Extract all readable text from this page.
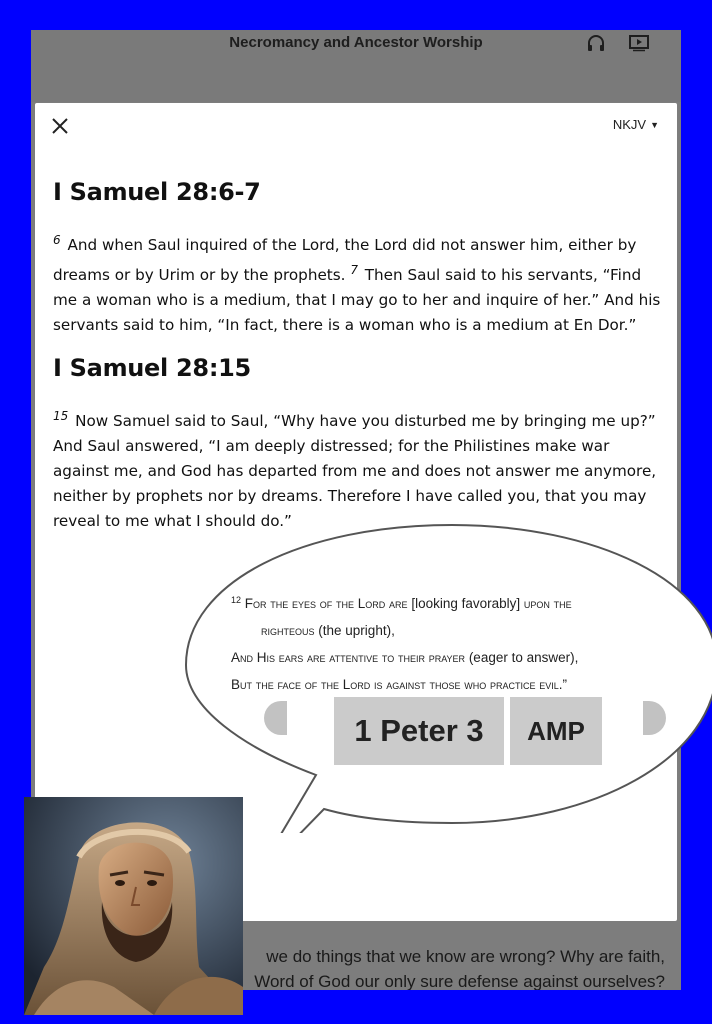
Necromancy and Ancestor Worship
we do things that we know are wrong? Why are faith,
Word of God our only sure defense against ourselves?
NKJV ▼
I Samuel 28:6-7

$^6$ And when Saul inquired of the Lord, the Lord did not answer him, either by dreams or by Urim or by the prophets. $^7$ Then Saul said to his servants, “Find me a woman who is a medium, that I may go to her and inquire of her.” And his servants said to him, “In fact, there is a woman who is a medium at En Dor.”

I Samuel 28:15

$^{15}$ Now Samuel said to Saul, “Why have you disturbed me by bringing me up?” And Saul answered, “I am deeply distressed; for the Philistines make war against me, and God has departed from me and does not answer me anymore, neither by prophets nor by dreams. Therefore I have called you, that you may reveal to me what I should do.”

$^{12}$ For the eyes of the Lord are [looking favorably] upon the
righteous (the upright),
And His ears are attentive to their prayer (eager to answer),
But the face of the Lord is against those who practice evil.”
1 Peter 3	AMP
